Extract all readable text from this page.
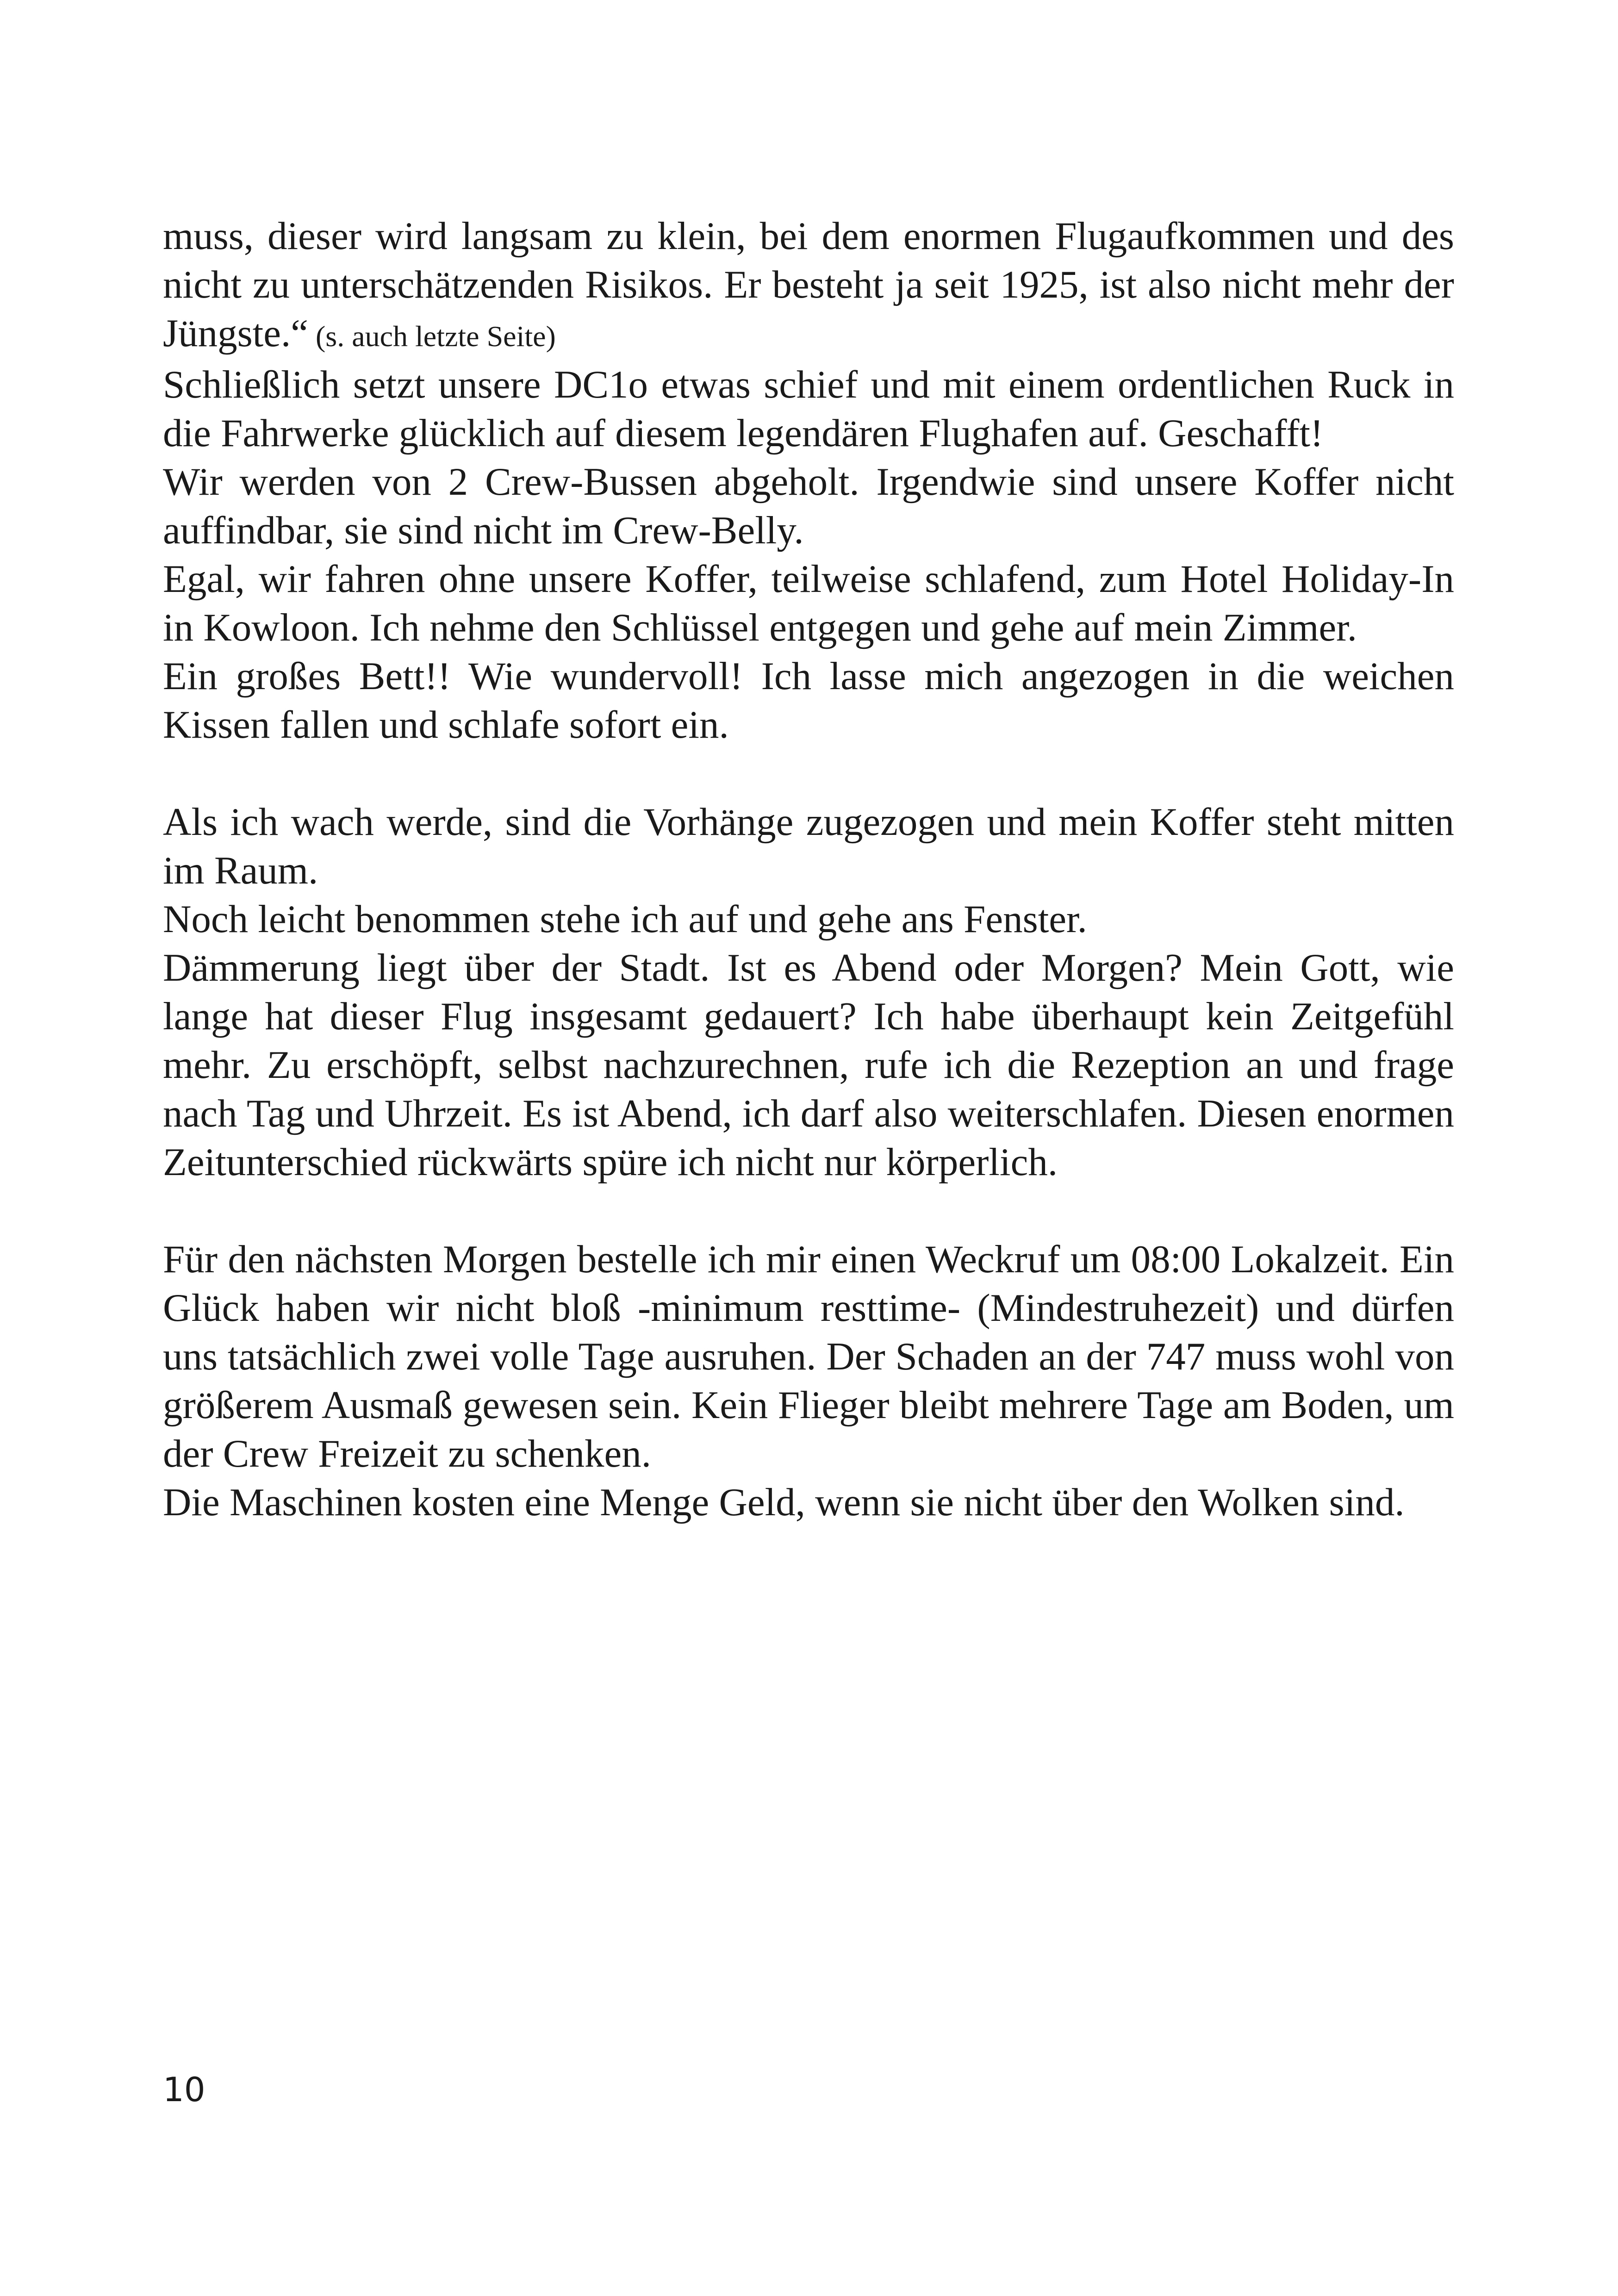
muss, dieser wird langsam zu klein, bei dem enormen Flugaufkommen und des nicht zu unterschätzenden Risikos. Er besteht ja seit 1925, ist also nicht mehr der Jüngste.“ (s. auch letzte Seite)

Schließlich setzt unsere DC1o etwas schief und mit einem ordentlichen Ruck in die Fahrwerke glücklich auf diesem legendären Flughafen auf. Geschafft!

Wir werden von 2 Crew-Bussen abgeholt. Irgendwie sind unsere Koffer nicht auffindbar, sie sind nicht im Crew-Belly.

Egal, wir fahren ohne unsere Koffer, teilweise schlafend, zum Hotel Holiday-In in Kowloon. Ich nehme den Schlüssel entgegen und gehe auf mein Zimmer.

Ein großes Bett!! Wie wundervoll! Ich lasse mich angezogen in die weichen Kissen fallen und schlafe sofort ein.

Als ich wach werde, sind die Vorhänge zugezogen und mein Koffer steht mitten im Raum.

Noch leicht benommen stehe ich auf und gehe ans Fenster.

Dämmerung liegt über der Stadt. Ist es Abend oder Morgen? Mein Gott, wie lange hat dieser Flug insgesamt gedauert? Ich habe überhaupt kein Zeitgefühl mehr. Zu erschöpft, selbst nachzurechnen, rufe ich die Rezeption an und frage nach Tag und Uhrzeit. Es ist Abend, ich darf also weiterschlafen. Diesen enormen Zeitunterschied rückwärts spüre ich nicht nur körperlich.

Für den nächsten Morgen bestelle ich mir einen Weckruf um 08:00 Lokalzeit. Ein Glück haben wir nicht bloß -minimum resttime- (Mindestruhezeit) und dürfen uns tatsächlich zwei volle Tage ausruhen. Der Schaden an der 747 muss wohl von größerem Ausmaß gewesen sein. Kein Flieger bleibt mehrere Tage am Boden, um der Crew Freizeit zu schenken.

Die Maschinen kosten eine Menge Geld, wenn sie nicht über den Wolken sind.

10
